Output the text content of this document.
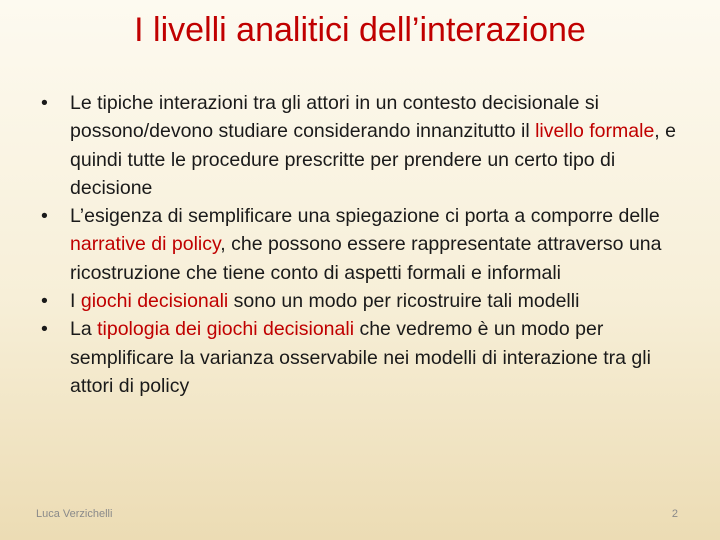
I livelli analitici dell’interazione
• Le tipiche interazioni tra gli attori in un contesto decisionale si possono/devono studiare considerando innanzitutto il livello formale, e quindi tutte le procedure prescritte per prendere un certo tipo di decisione
• L’esigenza di semplificare una spiegazione ci porta a comporre delle narrative di policy, che possono essere rappresentate attraverso una ricostruzione che tiene conto di aspetti formali e informali
• I giochi decisionali sono un modo per ricostruire tali modelli
• La tipologia dei giochi decisionali che vedremo è un modo per semplificare la varianza osservabile nei modelli di interazione tra gli attori di policy
Luca Verzichelli	2
